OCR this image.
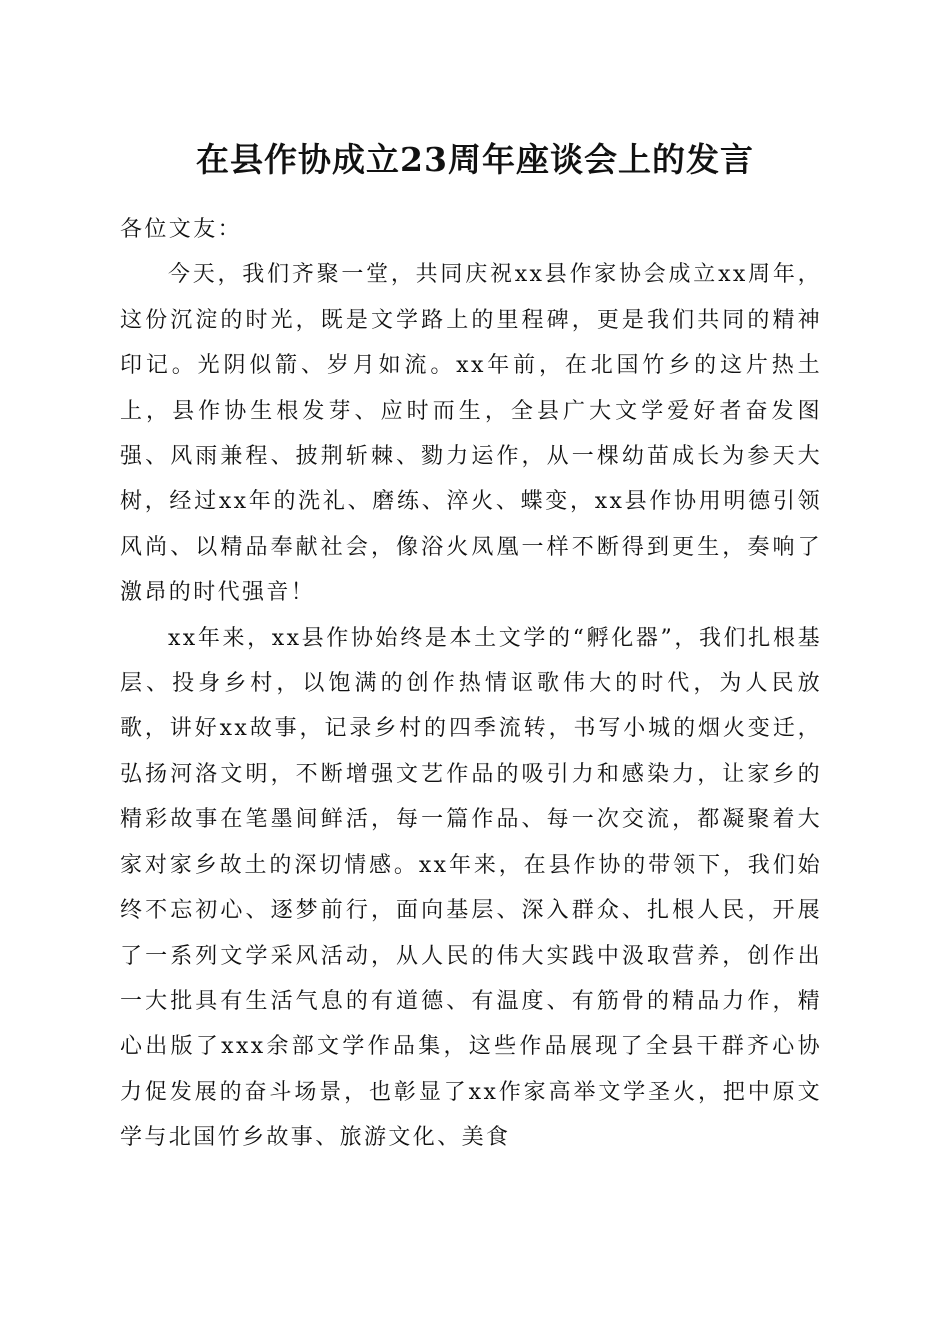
在县作协成立23周年座谈会上的发言

各位文友：

今天，我们齐聚一堂，共同庆祝xx县作家协会成立xx周年，这份沉淀的时光，既是文学路上的里程碑，更是我们共同的精神印记。光阴似箭、岁月如流。xx年前，在北国竹乡的这片热土上，县作协生根发芽、应时而生，全县广大文学爱好者奋发图强、风雨兼程、披荆斩棘、勠力运作，从一棵幼苗成长为参天大树，经过xx年的洗礼、磨练、淬火、蝶变，xx县作协用明德引领风尚、以精品奉献社会，像浴火凤凰一样不断得到更生，奏响了激昂的时代强音！

xx年来，xx县作协始终是本土文学的“孵化器”，我们扎根基层、投身乡村，以饱满的创作热情讴歌伟大的时代，为人民放歌，讲好xx故事，记录乡村的四季流转，书写小城的烟火变迁，弘扬河洛文明，不断增强文艺作品的吸引力和感染力，让家乡的精彩故事在笔墨间鲜活，每一篇作品、每一次交流，都凝聚着大家对家乡故土的深切情感。xx年来，在县作协的带领下，我们始终不忘初心、逐梦前行，面向基层、深入群众、扎根人民，开展了一系列文学采风活动，从人民的伟大实践中汲取营养，创作出一大批具有生活气息的有道德、有温度、有筋骨的精品力作，精心出版了xxx余部文学作品集，这些作品展现了全县干群齐心协力促发展的奋斗场景，也彰显了xx作家高举文学圣火，把中原文学与北国竹乡故事、旅游文化、美食
